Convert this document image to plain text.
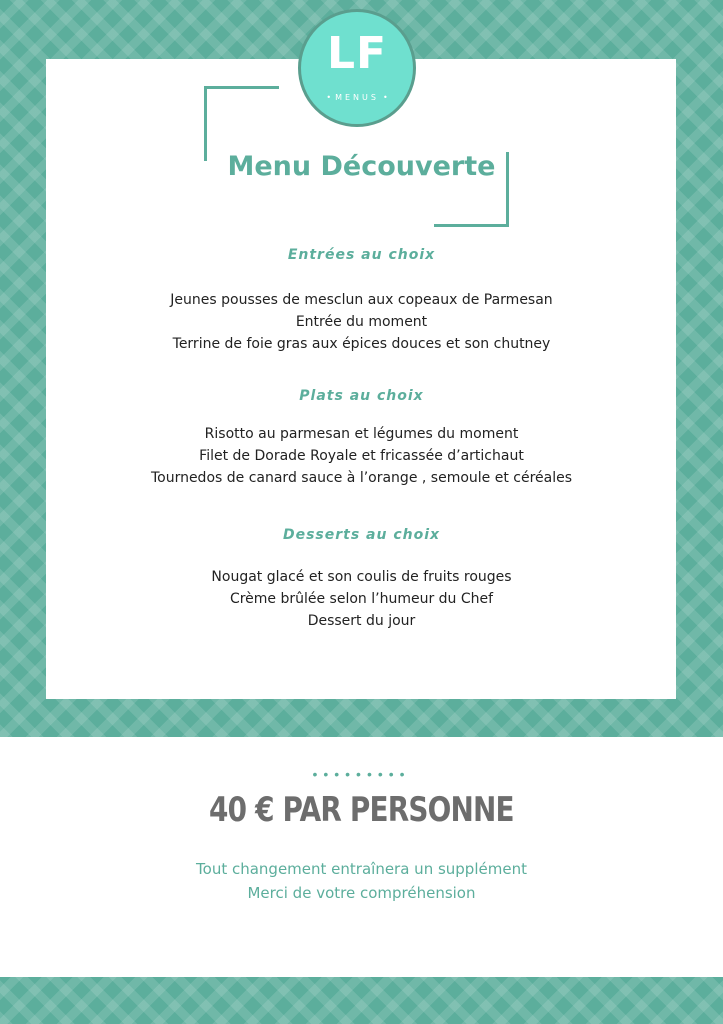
LF
• MENUS •
Menu Découverte
Entrées au choix
Jeunes pousses de mesclun aux copeaux de Parmesan
Entrée du moment
Terrine de foie gras aux épices douces et son chutney
Plats au choix
Risotto au parmesan et légumes du moment
Filet de Dorade Royale et fricassée d’artichaut
Tournedos de canard sauce à l’orange , semoule et céréales
Desserts au choix
Nougat glacé et son coulis de fruits rouges
Crème brûlée selon l’humeur du Chef
Dessert du jour
•••••••••
40 € PAR PERSONNE
Tout changement entraînera un supplément
Merci de votre compréhension
